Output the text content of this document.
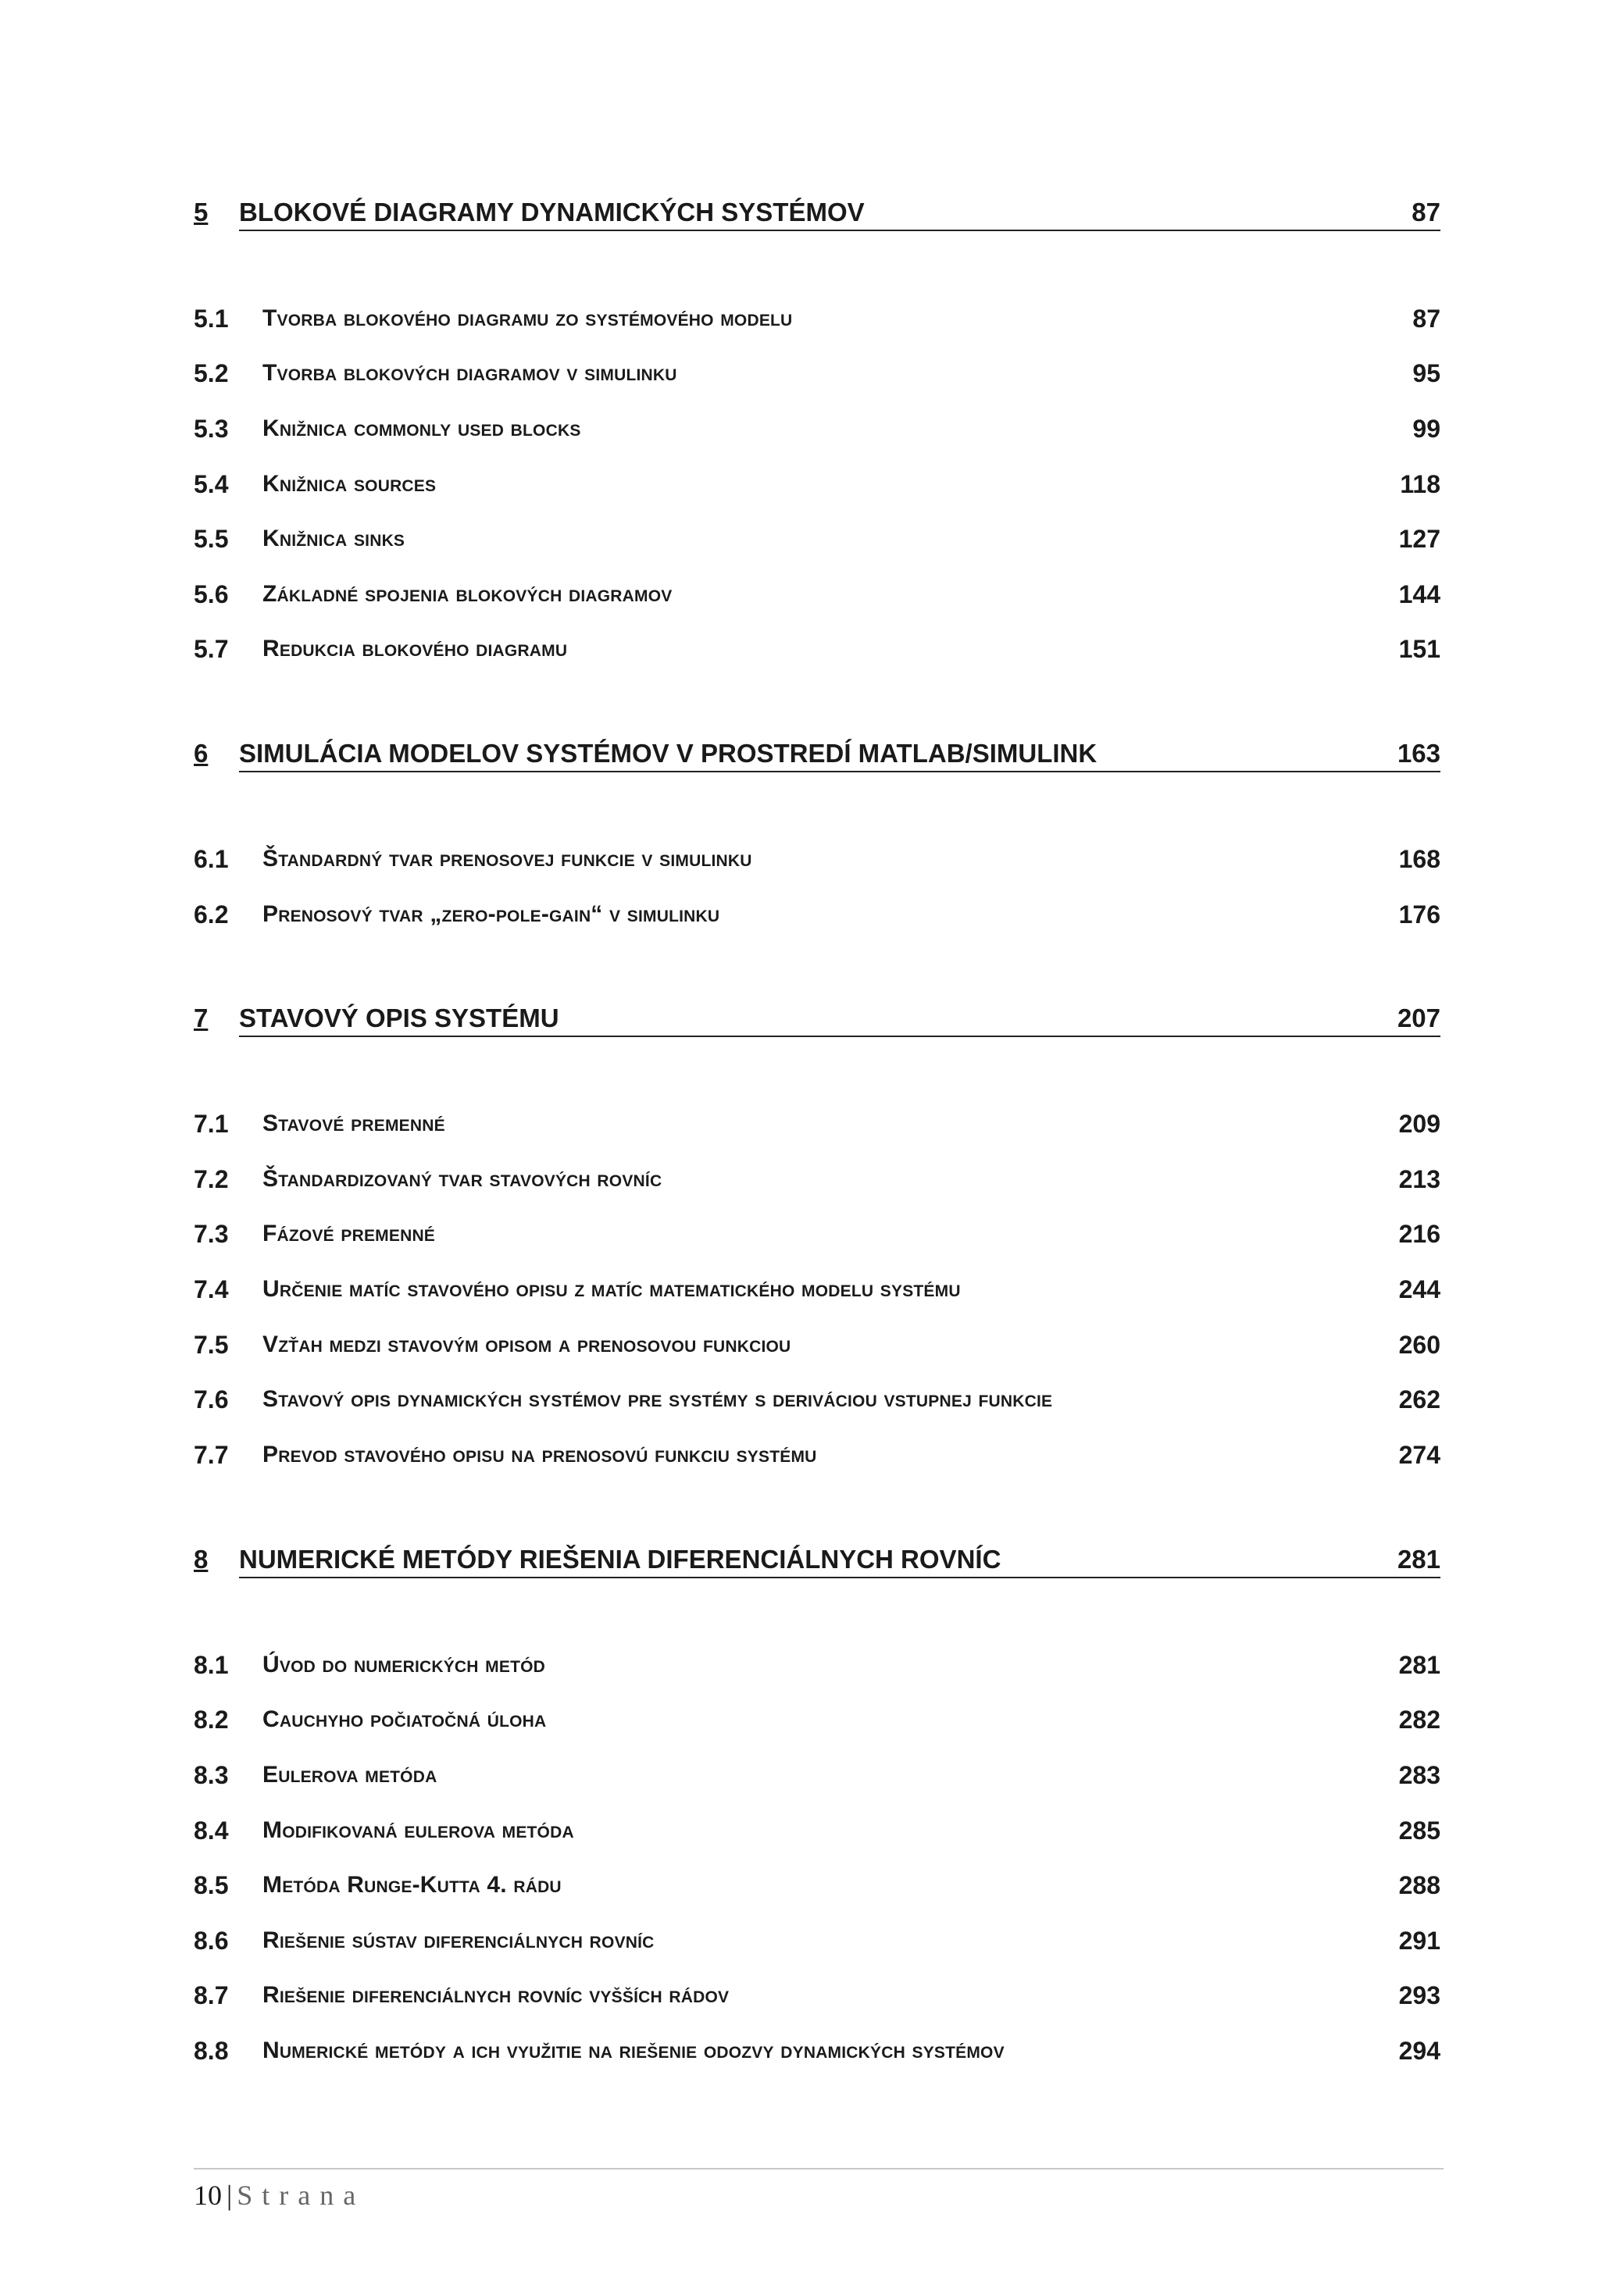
5 BLOKOVÉ DIAGRAMY DYNAMICKÝCH SYSTÉMOV	87
5.1 Tvorba blokového diagramu zo systémového modelu	87
5.2 Tvorba blokových diagramov v simulinku	95
5.3 Knižnica commonly used blocks	99
5.4 Knižnica sources	118
5.5 Knižnica sinks	127
5.6 Základné spojenia blokových diagramov	144
5.7 Redukcia blokového diagramu	151
6 SIMULÁCIA MODELOV SYSTÉMOV V PROSTREDÍ MATLAB/SIMULINK	163
6.1 Štandardný tvar prenosovej funkcie v simulinku	168
6.2 Prenosový tvar „zero-pole-gain“ v simulinku	176
7 STAVOVÝ OPIS SYSTÉMU	207
7.1 Stavové premenné	209
7.2 Štandardizovaný tvar stavových rovníc	213
7.3 Fázové premenné	216
7.4 Určenie matíc stavového opisu z matíc matematického modelu systému	244
7.5 Vzťah medzi stavovým opisom a prenosovou funkciou	260
7.6 Stavový opis dynamických systémov pre systémy s deriváciou vstupnej funkcie	262
7.7 Prevod stavového opisu na prenosovú funkciu systému	274
8 NUMERICKÉ METÓDY RIEŠENIA DIFERENCIÁLNYCH ROVNÍC	281
8.1 Úvod do numerických metód	281
8.2 Cauchyho počiatočná úloha	282
8.3 Eulerova metóda	283
8.4 Modifikovaná eulerova metóda	285
8.5 Metóda Runge-Kutta 4. rádu	288
8.6 Riešenie sústav diferenciálnych rovníc	291
8.7 Riešenie diferenciálnych rovníc vyšších rádov	293
8.8 Numerické metódy a ich využitie na riešenie odozvy dynamických systémov	294
10 | Strana
